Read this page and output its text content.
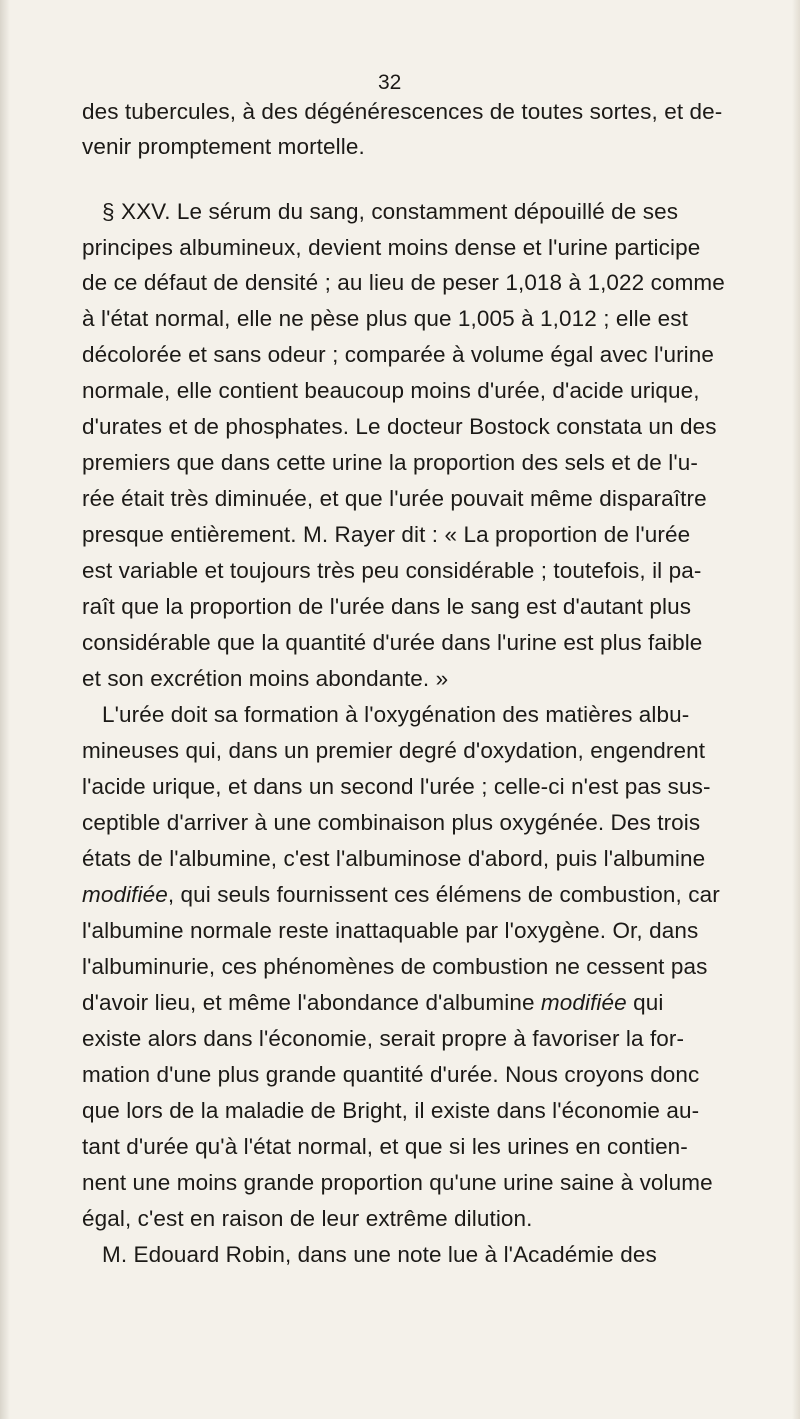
32
des tubercules, à des dégénérescences de toutes sortes, et de-
venir promptement mortelle.
§ XXV. Le sérum du sang, constamment dépouillé de ses
principes albumineux, devient moins dense et l'urine participe
de ce défaut de densité ; au lieu de peser 1,018 à 1,022 comme
à l'état normal, elle ne pèse plus que 1,005 à 1,012 ; elle est
décolorée et sans odeur ; comparée à volume égal avec l'urine
normale, elle contient beaucoup moins d'urée, d'acide urique,
d'urates et de phosphates. Le docteur Bostock constata un des
premiers que dans cette urine la proportion des sels et de l'u-
rée était très diminuée, et que l'urée pouvait même disparaître
presque entièrement. M. Rayer dit : « La proportion de l'urée
est variable et toujours très peu considérable ; toutefois, il pa-
raît que la proportion de l'urée dans le sang est d'autant plus
considérable que la quantité d'urée dans l'urine est plus faible
et son excrétion moins abondante. »
L'urée doit sa formation à l'oxygénation des matières albu-
mineuses qui, dans un premier degré d'oxydation, engendrent
l'acide urique, et dans un second l'urée ; celle-ci n'est pas sus-
ceptible d'arriver à une combinaison plus oxygénée. Des trois
états de l'albumine, c'est l'albuminose d'abord, puis l'albumine
modifiée, qui seuls fournissent ces élémens de combustion, car
l'albumine normale reste inattaquable par l'oxygène. Or, dans
l'albuminurie, ces phénomènes de combustion ne cessent pas
d'avoir lieu, et même l'abondance d'albumine modifiée qui
existe alors dans l'économie, serait propre à favoriser la for-
mation d'une plus grande quantité d'urée. Nous croyons donc
que lors de la maladie de Bright, il existe dans l'économie au-
tant d'urée qu'à l'état normal, et que si les urines en contien-
nent une moins grande proportion qu'une urine saine à volume
égal, c'est en raison de leur extrême dilution.
M. Edouard Robin, dans une note lue à l'Académie des
